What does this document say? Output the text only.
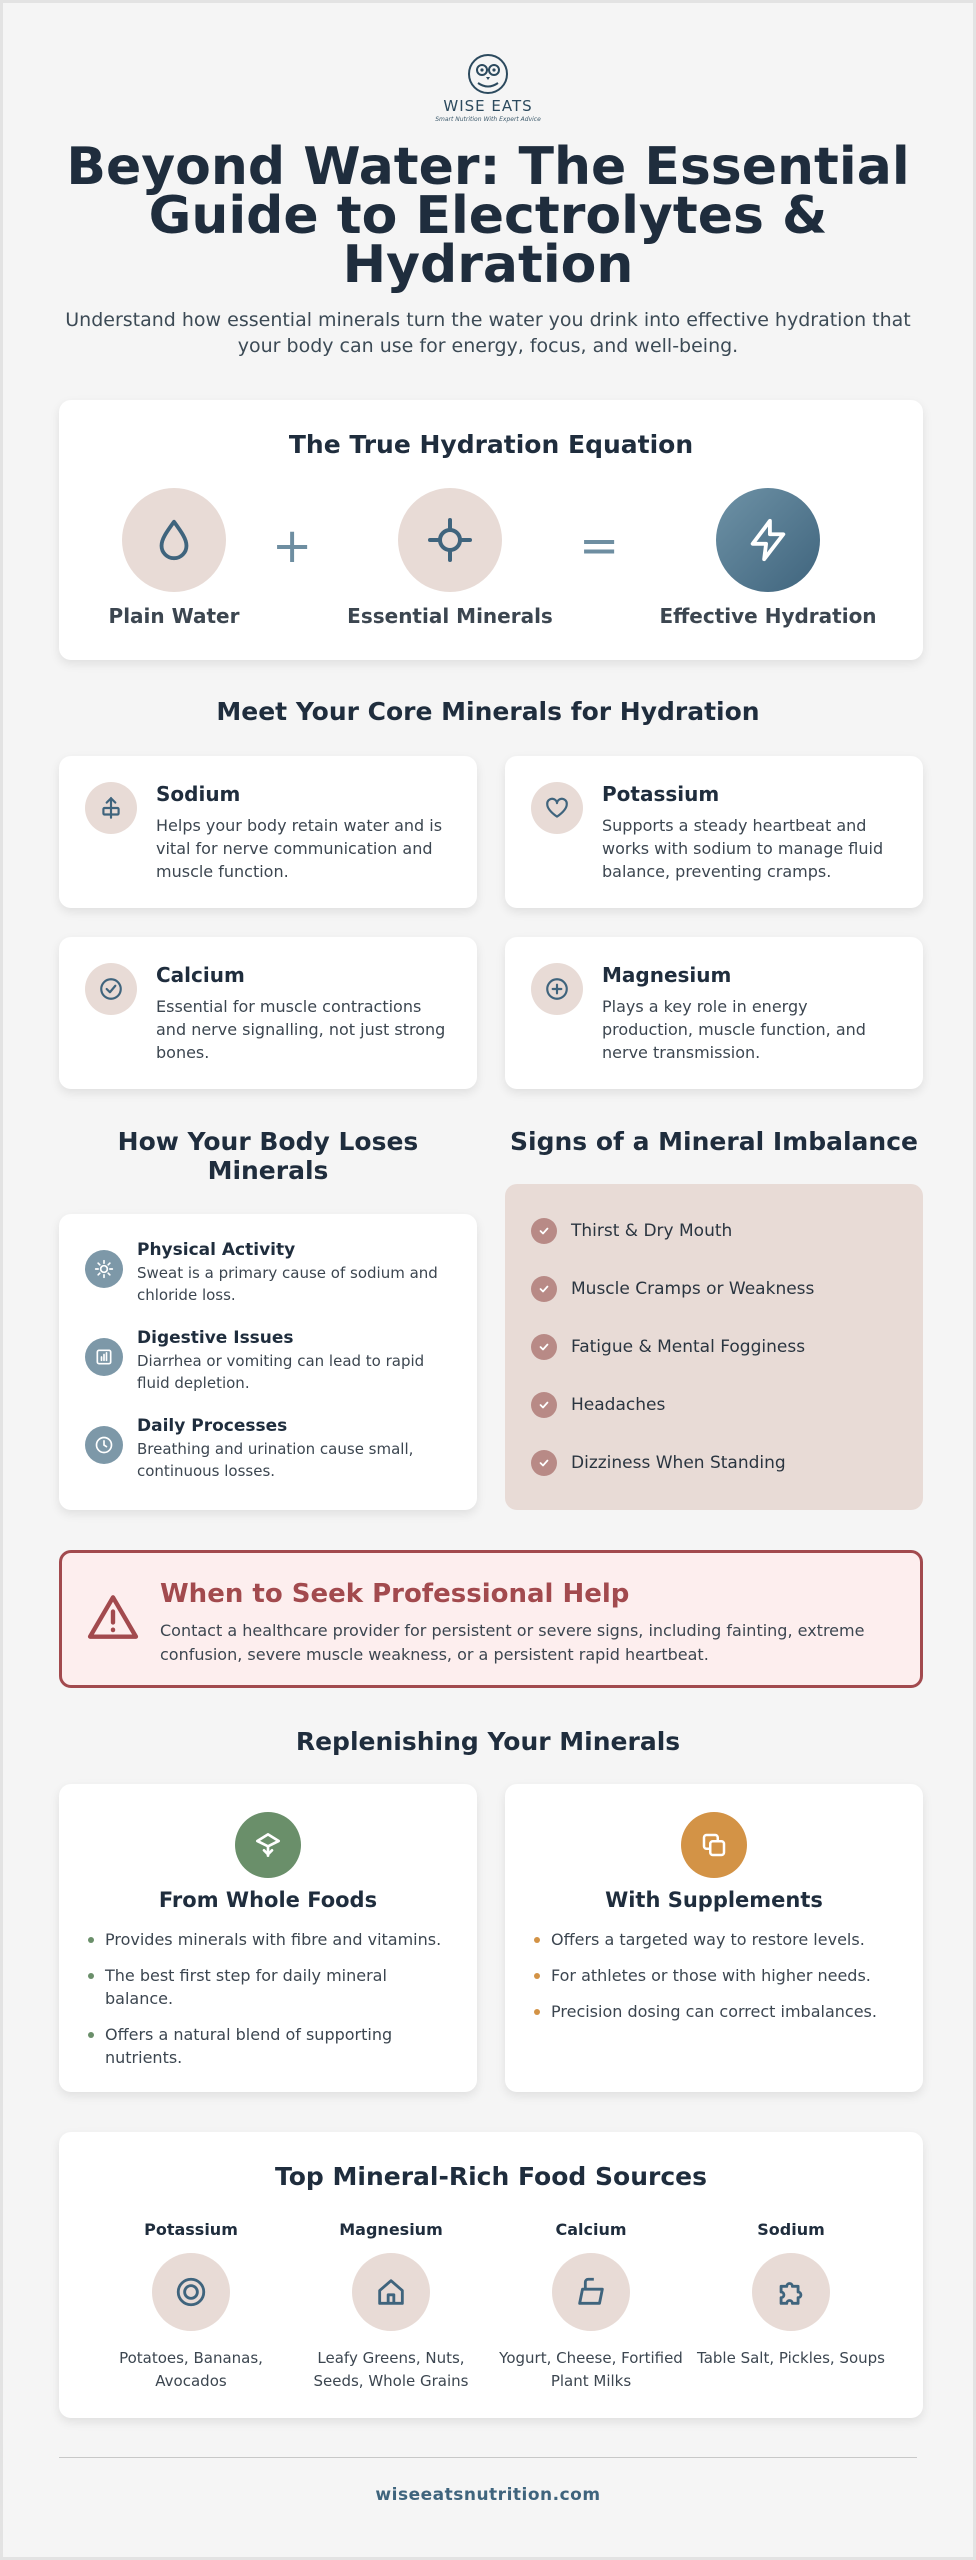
WISE EATS
Smart Nutrition With Expert Advice
Beyond Water: The Essential Guide to Electrolytes & Hydration

Understand how essential minerals turn the water you drink into effective hydration that your body can use for energy, focus, and well-being.

The True Hydration Equation
Plain Water
+
Essential Minerals
=
Effective Hydration
Meet Your Core Minerals for Hydration
Sodium
Helps your body retain water and is vital for nerve communication and muscle function.
Potassium
Supports a steady heartbeat and works with sodium to manage fluid balance, preventing cramps.
Calcium
Essential for muscle contractions and nerve signalling, not just strong bones.
Magnesium
Plays a key role in energy production, muscle function, and nerve transmission.
How Your Body Loses Minerals
Signs of a Mineral Imbalance
Physical Activity
Sweat is a primary cause of sodium and chloride loss.
Digestive Issues
Diarrhea or vomiting can lead to rapid fluid depletion.
Daily Processes
Breathing and urination cause small, continuous losses.
Thirst & Dry Mouth
Muscle Cramps or Weakness
Fatigue & Mental Fogginess
Headaches
Dizziness When Standing
When to Seek Professional Help
Contact a healthcare provider for persistent or severe signs, including fainting, extreme confusion, severe muscle weakness, or a persistent rapid heartbeat.
Replenishing Your Minerals
From Whole Foods
Provides minerals with fibre and vitamins.
The best first step for daily mineral balance.
Offers a natural blend of supporting nutrients.
With Supplements
Offers a targeted way to restore levels.
For athletes or those with higher needs.
Precision dosing can correct imbalances.
Top Mineral-Rich Food Sources
Potassium
Potatoes, Bananas, Avocados
Magnesium
Leafy Greens, Nuts, Seeds, Whole Grains
Calcium
Yogurt, Cheese, Fortified Plant Milks
Sodium
Table Salt, Pickles, Soups
wiseeatsnutrition.com
